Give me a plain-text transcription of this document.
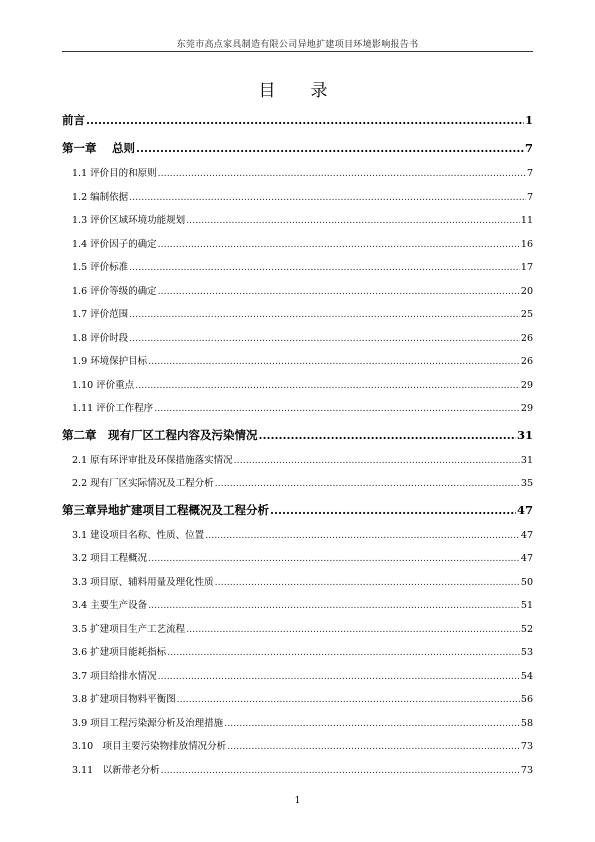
东莞市高点家具制造有限公司异地扩建项目环境影响报告书
目　录
前言 .....	1
第一章　 总则 .....	7
1.1 评价目的和原则 .....	7
1.2 编制依据 .....	7
1.3 评价区域环境功能规划 .....	11
1.4 评价因子的确定 .....	16
1.5 评价标准 .....	17
1.6 评价等级的确定 .....	20
1.7 评价范围 .....	25
1.8 评价时段 .....	26
1.9 环境保护目标 .....	26
1.10 评价重点 .....	29
1.11 评价工作程序 .....	29
第二章　现有厂区工程内容及污染情况 .....	31
2.1 原有环评审批及环保措施落实情况 .....	31
2.2 现有厂区实际情况及工程分析 .....	35
第三章异地扩建项目工程概况及工程分析 .....	47
3.1 建设项目名称、性质、位置 .....	47
3.2 项目工程概况 .....	47
3.3 项目原、辅料用量及理化性质 .....	50
3.4 主要生产设备 .....	51
3.5 扩建项目生产工艺流程 .....	52
3.6 扩建项目能耗指标 .....	53
3.7 项目给排水情况 .....	54
3.8 扩建项目物料平衡图 .....	56
3.9 项目工程污染源分析及治理措施 .....	58
3.10　项目主要污染物排放情况分析 .....	73
3.11　以新带老分析 .....	73
1
